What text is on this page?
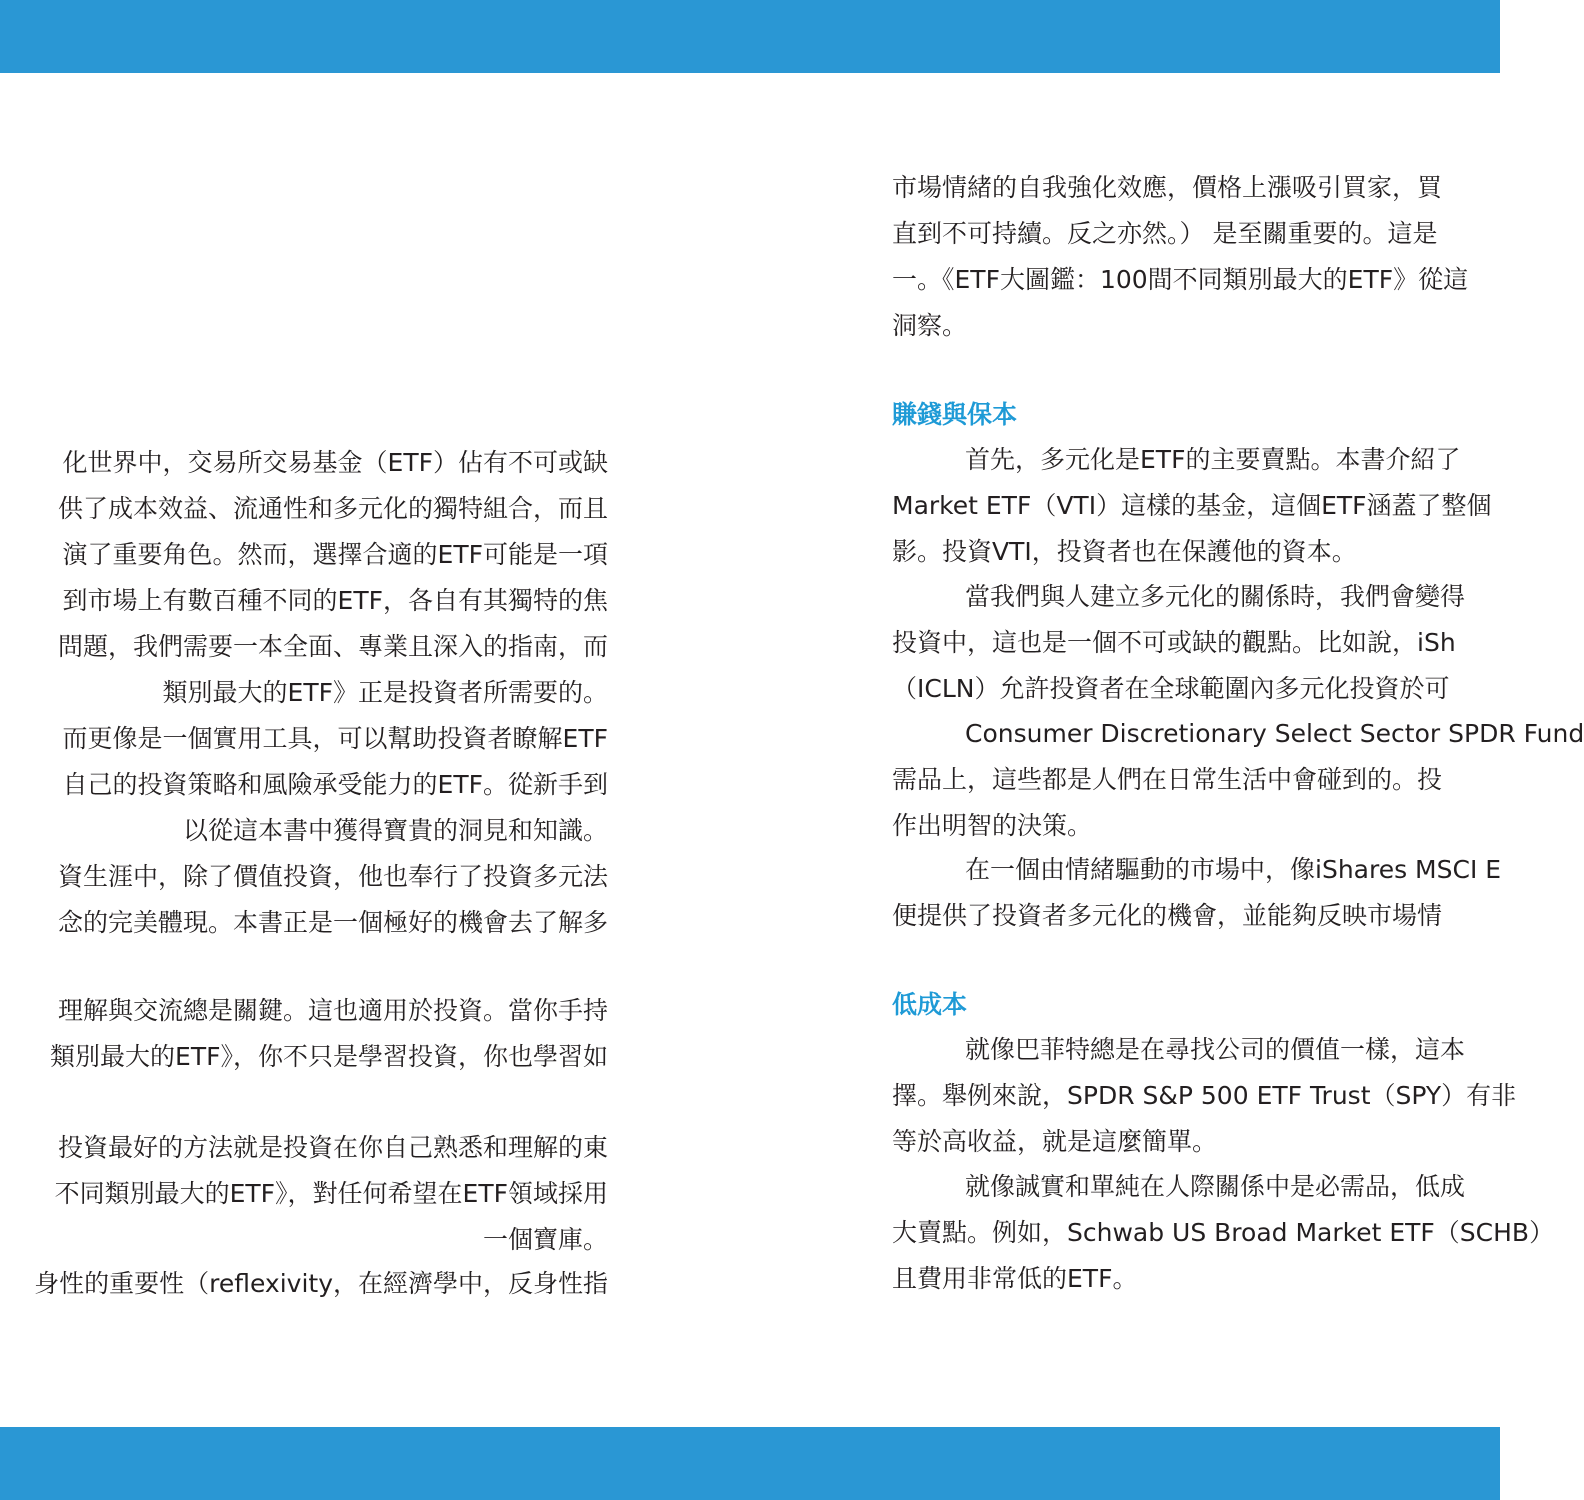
化世界中，交易所交易基金（ETF）佔有不可或缺
供了成本效益、流通性和多元化的獨特組合，而且
演了重要角色。然而，選擇合適的ETF可能是一項
到市場上有數百種不同的ETF，各自有其獨特的焦
問題，我們需要一本全面、專業且深入的指南，而
類別最大的ETF》正是投資者所需要的。
而更像是一個實用工具，可以幫助投資者瞭解ETF
自己的投資策略和風險承受能力的ETF。從新手到
以從這本書中獲得寶貴的洞見和知識。
資生涯中，除了價值投資，他也奉行了投資多元法
念的完美體現。本書正是一個極好的機會去了解多
理解與交流總是關鍵。這也適用於投資。當你手持
類別最大的ETF》，你不只是學習投資，你也學習如
投資最好的方法就是投資在你自己熟悉和理解的東
不同類別最大的ETF》，對任何希望在ETF領域採用
一個寶庫。
身性的重要性（reflexivity，在經濟學中，反身性指
市場情緒的自我強化效應，價格上漲吸引買家，買
直到不可持續。反之亦然。） 是至關重要的。這是
一。《ETF大圖鑑：100間不同類別最大的ETF》從這
洞察。
賺錢與保本
首先，多元化是ETF的主要賣點。本書介紹了
Market ETF（VTI）這樣的基金，這個ETF涵蓋了整個
影。投資VTI，投資者也在保護他的資本。
當我們與人建立多元化的關係時，我們會變得
投資中，這也是一個不可或缺的觀點。比如說，iSh
（ICLN）允許投資者在全球範圍內多元化投資於可
Consumer Discretionary Select Sector SPDR Fund
需品上，這些都是人們在日常生活中會碰到的。投
作出明智的決策。
在一個由情緒驅動的市場中，像iShares MSCI E
便提供了投資者多元化的機會，並能夠反映市場情
低成本
就像巴菲特總是在尋找公司的價值一樣，這本
擇。舉例來說，SPDR S&P 500 ETF Trust（SPY）有非
等於高收益，就是這麼簡單。
就像誠實和單純在人際關係中是必需品，低成
大賣點。例如，Schwab US Broad Market ETF（SCHB）
且費用非常低的ETF。
